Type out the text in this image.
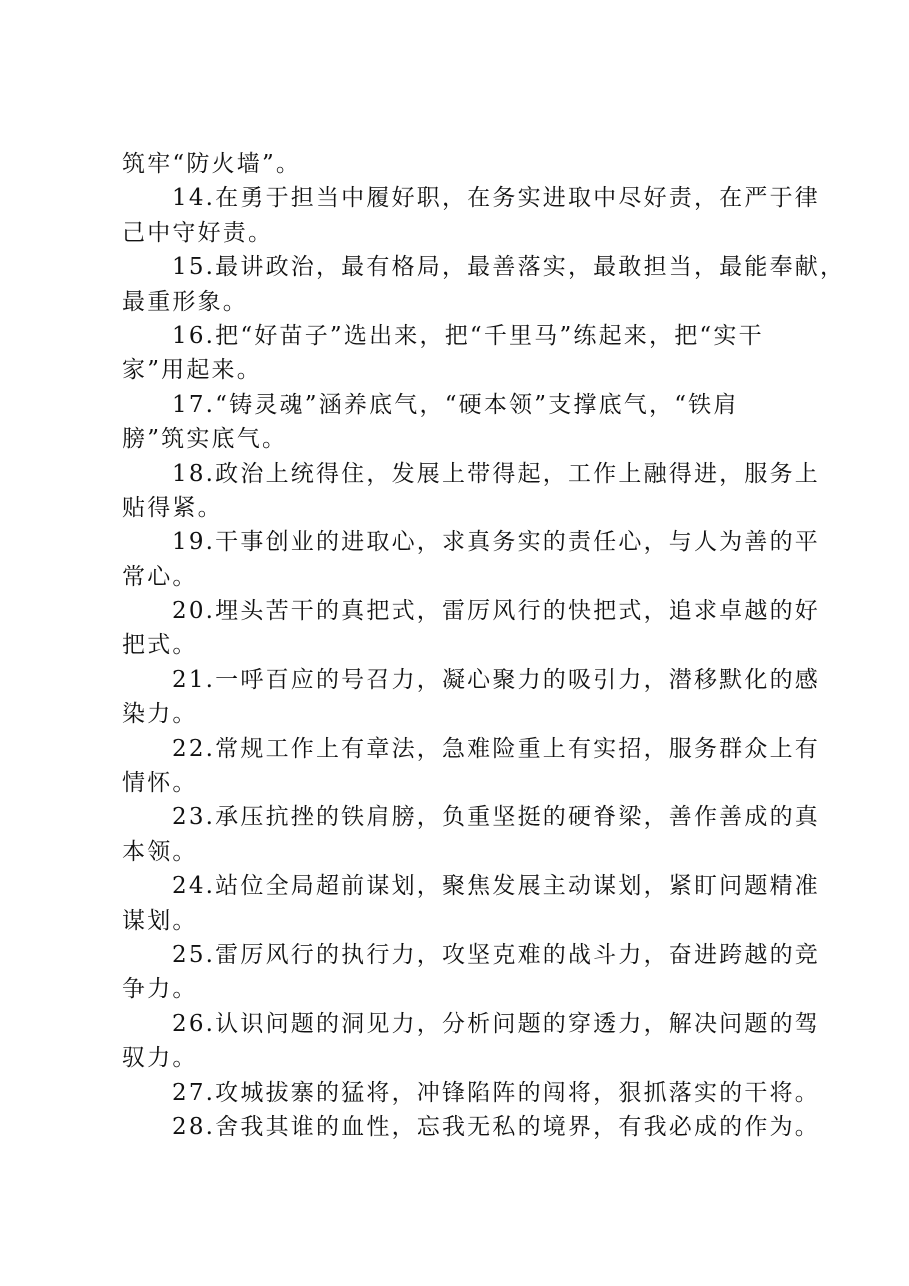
筑牢“防火墙”。
14.在勇于担当中履好职，在务实进取中尽好责，在严于律
己中守好责。
15.最讲政治，最有格局，最善落实，最敢担当，最能奉献，
最重形象。
16.把“好苗子”选出来，把“千里马”练起来，把“实干
家”用起来。
17.“铸灵魂”涵养底气，“硬本领”支撑底气，“铁肩
膀”筑实底气。
18.政治上统得住，发展上带得起，工作上融得进，服务上
贴得紧。
19.干事创业的进取心，求真务实的责任心，与人为善的平
常心。
20.埋头苦干的真把式，雷厉风行的快把式，追求卓越的好
把式。
21.一呼百应的号召力，凝心聚力的吸引力，潜移默化的感
染力。
22.常规工作上有章法，急难险重上有实招，服务群众上有
情怀。
23.承压抗挫的铁肩膀，负重坚挺的硬脊梁，善作善成的真
本领。
24.站位全局超前谋划，聚焦发展主动谋划，紧盯问题精准
谋划。
25.雷厉风行的执行力，攻坚克难的战斗力，奋进跨越的竞
争力。
26.认识问题的洞见力，分析问题的穿透力，解决问题的驾
驭力。
27.攻城拔寨的猛将，冲锋陷阵的闯将，狠抓落实的干将。
28.舍我其谁的血性，忘我无私的境界，有我必成的作为。
